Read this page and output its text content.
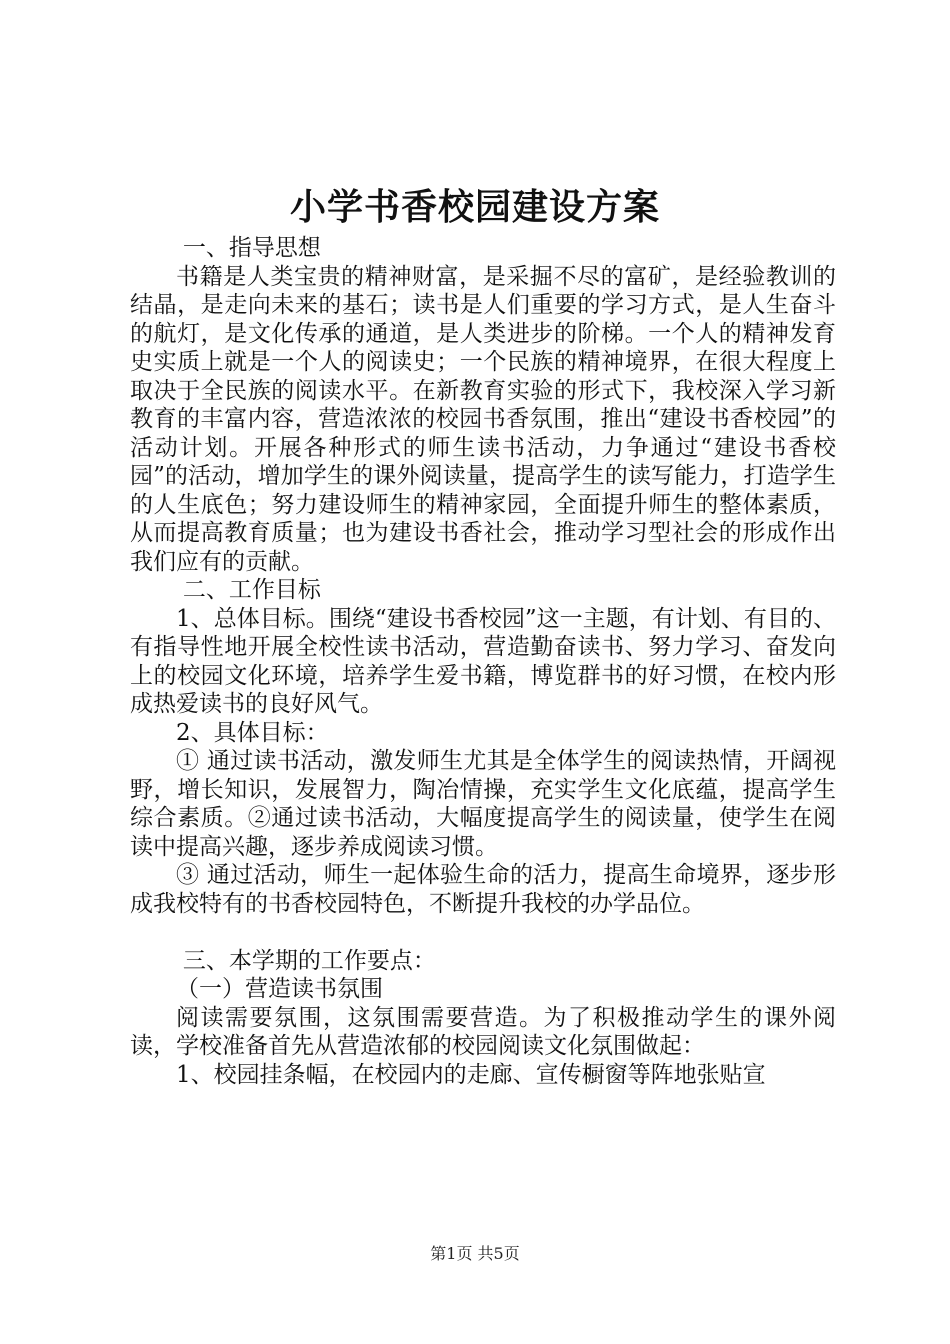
小学书香校园建设方案

一、指导思想

书籍是人类宝贵的精神财富，是采掘不尽的富矿，是经验教训的结晶，是走向未来的基石；读书是人们重要的学习方式，是人生奋斗的航灯，是文化传承的通道，是人类进步的阶梯。一个人的精神发育史实质上就是一个人的阅读史；一个民族的精神境界，在很大程度上取决于全民族的阅读水平。在新教育实验的形式下，我校深入学习新教育的丰富内容，营造浓浓的校园书香氛围，推出“建设书香校园”的活动计划。开展各种形式的师生读书活动，力争通过“建设书香校园”的活动，增加学生的课外阅读量，提高学生的读写能力，打造学生的人生底色；努力建设师生的精神家园，全面提升师生的整体素质，从而提高教育质量；也为建设书香社会，推动学习型社会的形成作出我们应有的贡献。

二、工作目标

1、总体目标。围绕“建设书香校园”这一主题，有计划、有目的、有指导性地开展全校性读书活动，营造勤奋读书、努力学习、奋发向上的校园文化环境，培养学生爱书籍，博览群书的好习惯，在校内形成热爱读书的良好风气。

2、具体目标：

① 通过读书活动，激发师生尤其是全体学生的阅读热情，开阔视野，增长知识，发展智力，陶冶情操，充实学生文化底蕴，提高学生综合素质。②通过读书活动，大幅度提高学生的阅读量，使学生在阅读中提高兴趣，逐步养成阅读习惯。

③ 通过活动，师生一起体验生命的活力，提高生命境界，逐步形成我校特有的书香校园特色，不断提升我校的办学品位。

三、本学期的工作要点：

（一）营造读书氛围

阅读需要氛围，这氛围需要营造。为了积极推动学生的课外阅读，学校准备首先从营造浓郁的校园阅读文化氛围做起：

1、校园挂条幅，在校园内的走廊、宣传橱窗等阵地张贴宣

第1页 共5页
